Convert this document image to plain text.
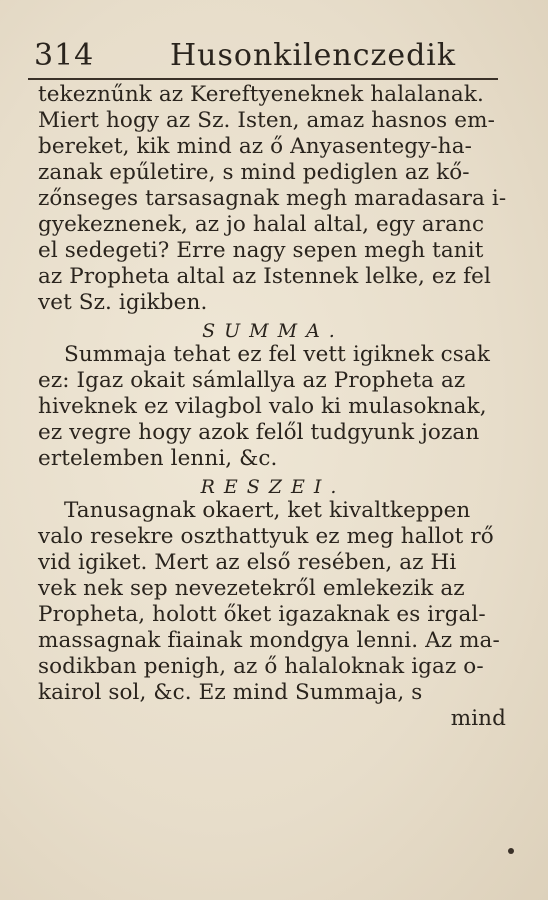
314	Husonkilenczedik
tekeznűnk az Kereftyeneknek halalanak.
Miert hogy az Sz. Isten, amaz hasnos em-
bereket, kik mind az ő Anyasentegy-ha-
zanak epűletire, s mind pediglen az kő-
zőnseges tarsasagnak megh maradasara i-
gyekeznenek, az jo halal altal, egy aranc
el sedegeti? Erre nagy sepen megh tanit
az Propheta altal az Istennek lelke, ez fel
vet Sz. igikben.
SUMMA.
Summaja tehat ez fel vett igiknek csak
ez: Igaz okait sámlallya az Propheta az
hiveknek ez vilagbol valo ki mulasoknak,
ez vegre hogy azok felől tudgyunk jozan
ertelemben lenni, &c.
RESZEI.
Tanusagnak okaert, ket kivaltkeppen
valo resekre oszthattyuk ez meg hallot rő
vid igiket. Mert az első resében, az Hi
vek nek sep nevezetekről emlekezik az
Propheta, holott őket igazaknak es irgal-
massagnak fiainak mondgya lenni. Az ma-
sodikban penigh, az ő halaloknak igaz o-
kairol sol, &c. Ez mind Summaja, s
mind
